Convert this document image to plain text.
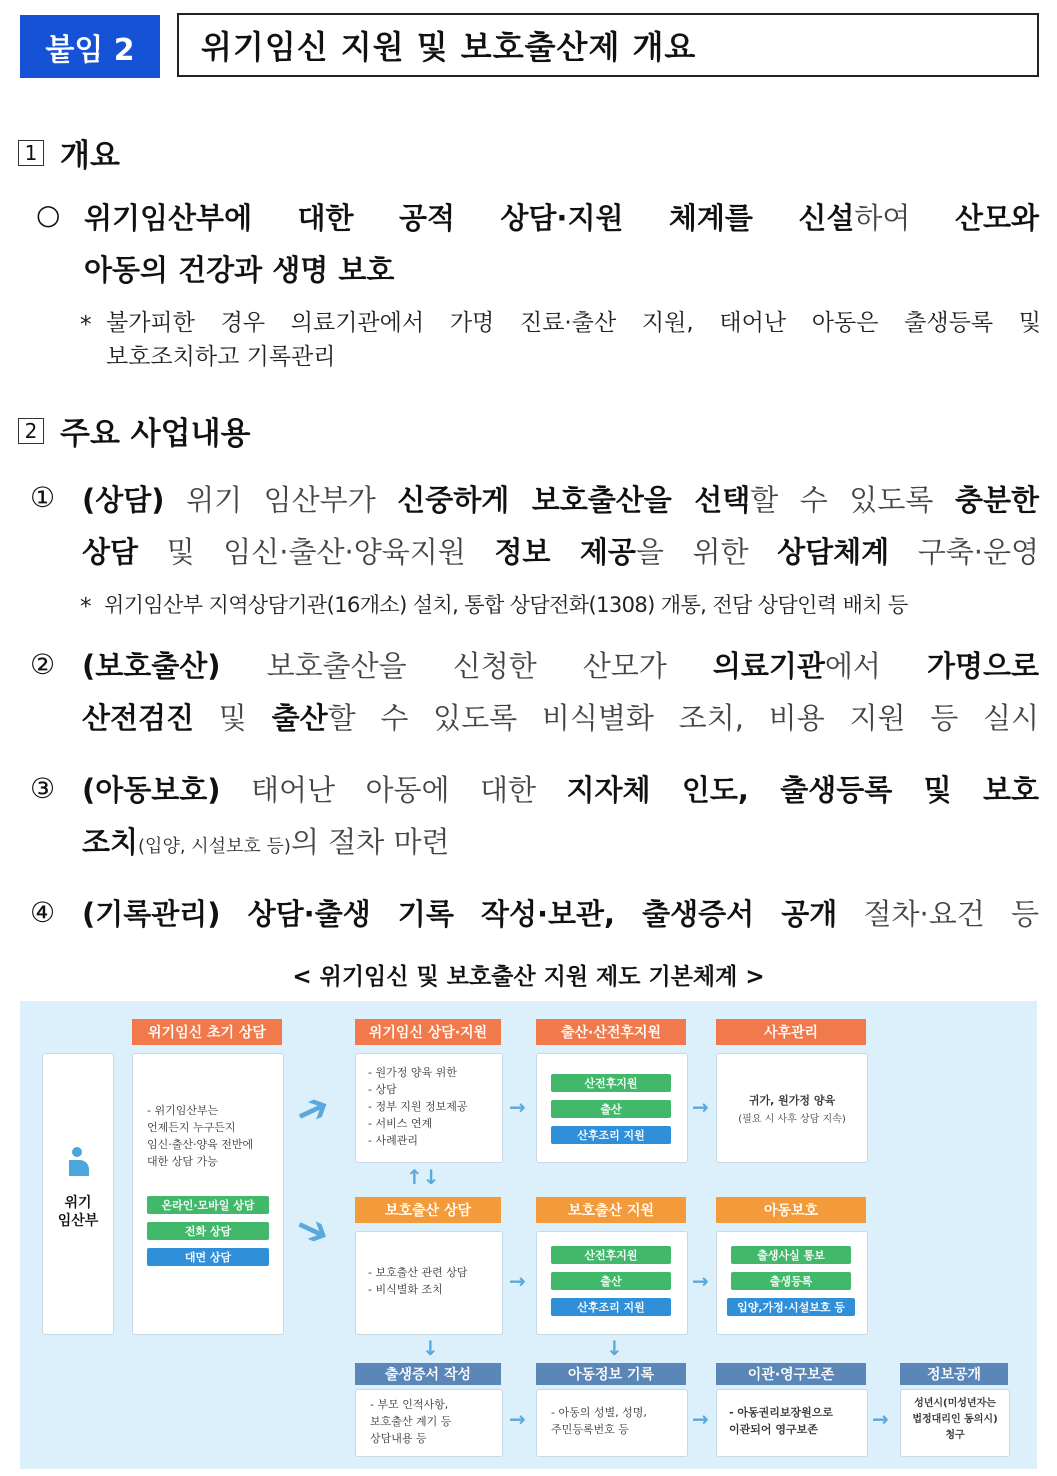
붙임 2	위기임신 지원 및 보호출산제 개요
1 개요
○ 위기임산부에 대한 공적 상담·지원 체계를 신설하여 산모와
아동의 건강과 생명 보호
* 불가피한 경우 의료기관에서 가명 진료·출산 지원, 태어난 아동은 출생등록 및
보호조치하고 기록관리
2 주요 사업내용
① (상담) 위기 임산부가 신중하게 보호출산을 선택할 수 있도록 충분한
상담 및 임신·출산·양육지원 정보 제공을 위한 상담체계 구축·운영
* 위기임산부 지역상담기관(16개소) 설치, 통합 상담전화(1308) 개통, 전담 상담인력 배치 등
② (보호출산) 보호출산을 신청한 산모가 의료기관에서 가명으로
산전검진 및 출산할 수 있도록 비식별화 조치, 비용 지원 등 실시
③ (아동보호) 태어난 아동에 대한 지자체 인도, 출생등록 및 보호
조치(입양, 시설보호 등)의 절차 마련
④ (기록관리) 상담·출생 기록 작성·보관, 출생증서 공개 절차·요건 등
< 위기임신 및 보호출산 지원 제도 기본체계 >
위기
임산부
위기임신 초기 상담
- 위기임산부는
언제든지 누구든지
임신·출산·양육 전반에
대한 상담 가능
온라인·모바일 상담
전화 상담
대면 상담
➔
➔
위기임신 상담·지원
- 원가정 양육 위한
- 상담
- 정부 지원 정보제공
- 서비스 연계
- 사례관리
→
출산·산전후지원
산전후지원
출산
산후조리 지원
→
사후관리
귀가, 원가정 양육
(필요 시 사후 상담 지속)
↑↓
보호출산 상담
- 보호출산 관련 상담
- 비식별화 조치	→
보호출산 지원
산전후지원
출산
산후조리 지원
→
아동보호
출생사실 통보
출생등록
입양,가정·시설보호 등
↓	↓
출생증서 작성
- 부모 인적사항,
보호출산 계기 등
상담내용 등
→
아동정보 기록
- 아동의 성별, 성명,
주민등록번호 등	→
이관·영구보존
- 아동권리보장원으로
이관되어 영구보존	→
정보공개
성년시(미성년자는
법정대리인 동의시)
청구
